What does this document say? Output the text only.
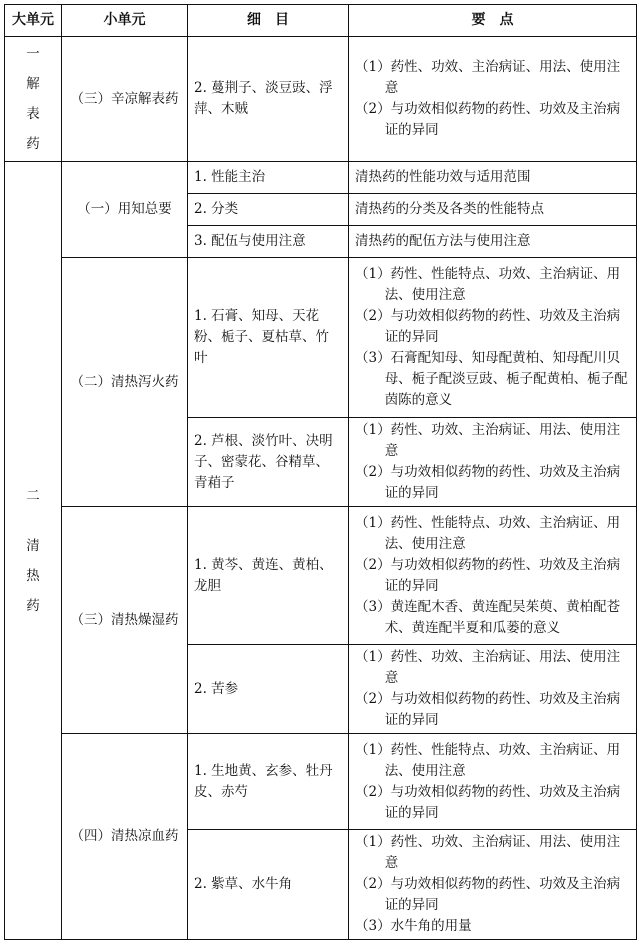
大单元	小单元	细　目	要　点

一
解
表
药	（三）辛凉解表药	2. 蔓荆子、淡豆豉、浮萍、木贼	（1）药性、功效、主治病证、用法、使用注意
（2）与功效相似药物的药性、功效及主治病证的异同

二
清
热
药	（一）用知总要	1. 性能主治	清热药的性能功效与适用范围
		2. 分类	清热药的分类及各类的性能特点
		3. 配伍与使用注意	清热药的配伍方法与使用注意
	（二）清热泻火药	1. 石膏、知母、天花粉、栀子、夏枯草、竹叶	（1）药性、性能特点、功效、主治病证、用法、使用注意
（2）与功效相似药物的药性、功效及主治病证的异同
（3）石膏配知母、知母配黄柏、知母配川贝母、栀子配淡豆豉、栀子配黄柏、栀子配茵陈的意义

		2. 芦根、淡竹叶、决明子、密蒙花、谷精草、青葙子	（1）药性、功效、主治病证、用法、使用注意
（2）与功效相似药物的药性、功效及主治病证的异同

	（三）清热燥湿药	1. 黄芩、黄连、黄柏、龙胆	（1）药性、性能特点、功效、主治病证、用法、使用注意
（2）与功效相似药物的药性、功效及主治病证的异同
（3）黄连配木香、黄连配吴茱萸、黄柏配苍术、黄连配半夏和瓜蒌的意义

		2. 苦参	（1）药性、功效、主治病证、用法、使用注意
（2）与功效相似药物的药性、功效及主治病证的异同

	（四）清热凉血药	1. 生地黄、玄参、牡丹皮、赤芍	（1）药性、性能特点、功效、主治病证、用法、使用注意
（2）与功效相似药物的药性、功效及主治病证的异同

		2. 紫草、水牛角	（1）药性、功效、主治病证、用法、使用注意
（2）与功效相似药物的药性、功效及主治病证的异同
（3）水牛角的用量
